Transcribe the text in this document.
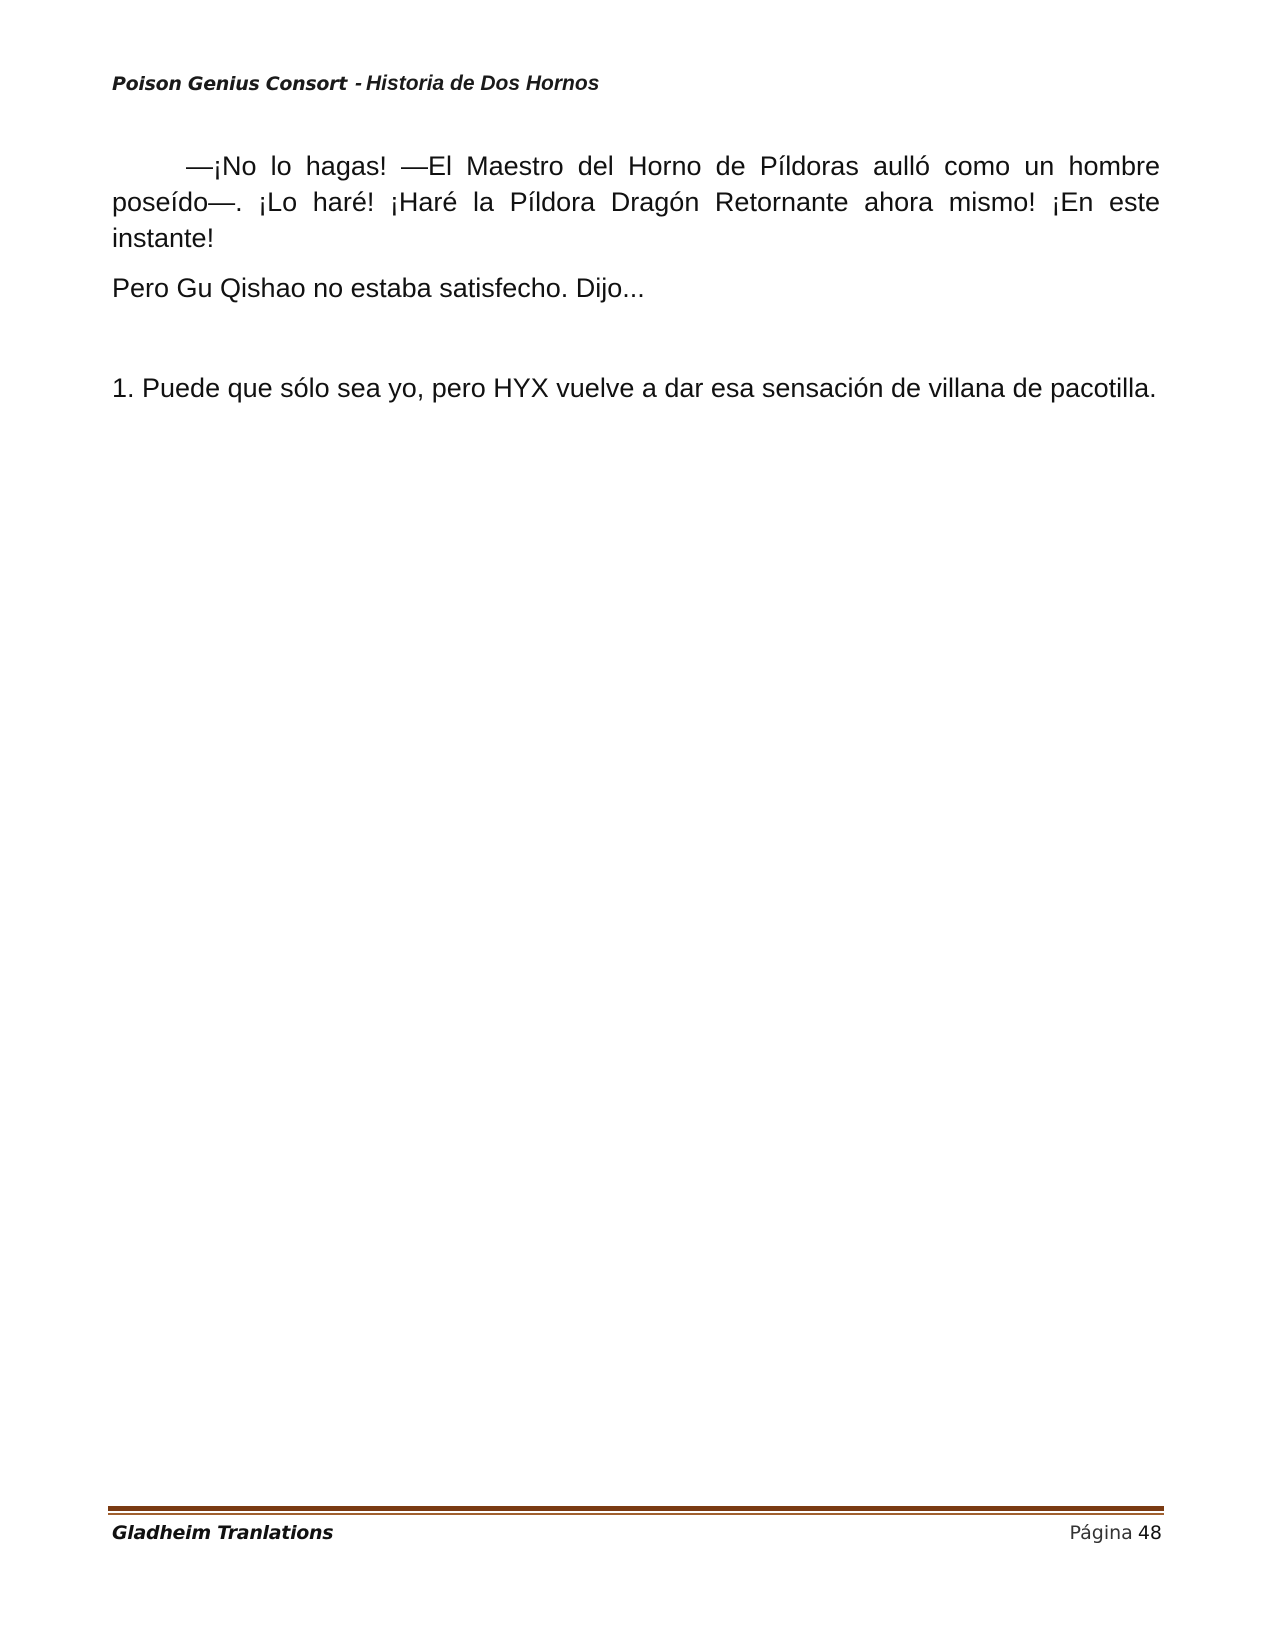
Poison Genius Consort - Historia de Dos Hornos

—¡No lo hagas! —El Maestro del Horno de Píldoras aulló como un hombre poseído—. ¡Lo haré! ¡Haré la Píldora Dragón Retornante ahora mismo! ¡En este instante!

Pero Gu Qishao no estaba satisfecho. Dijo...

1. Puede que sólo sea yo, pero HYX vuelve a dar esa sensación de villana de pacotilla.

Gladheim Tranlations	Página 48
